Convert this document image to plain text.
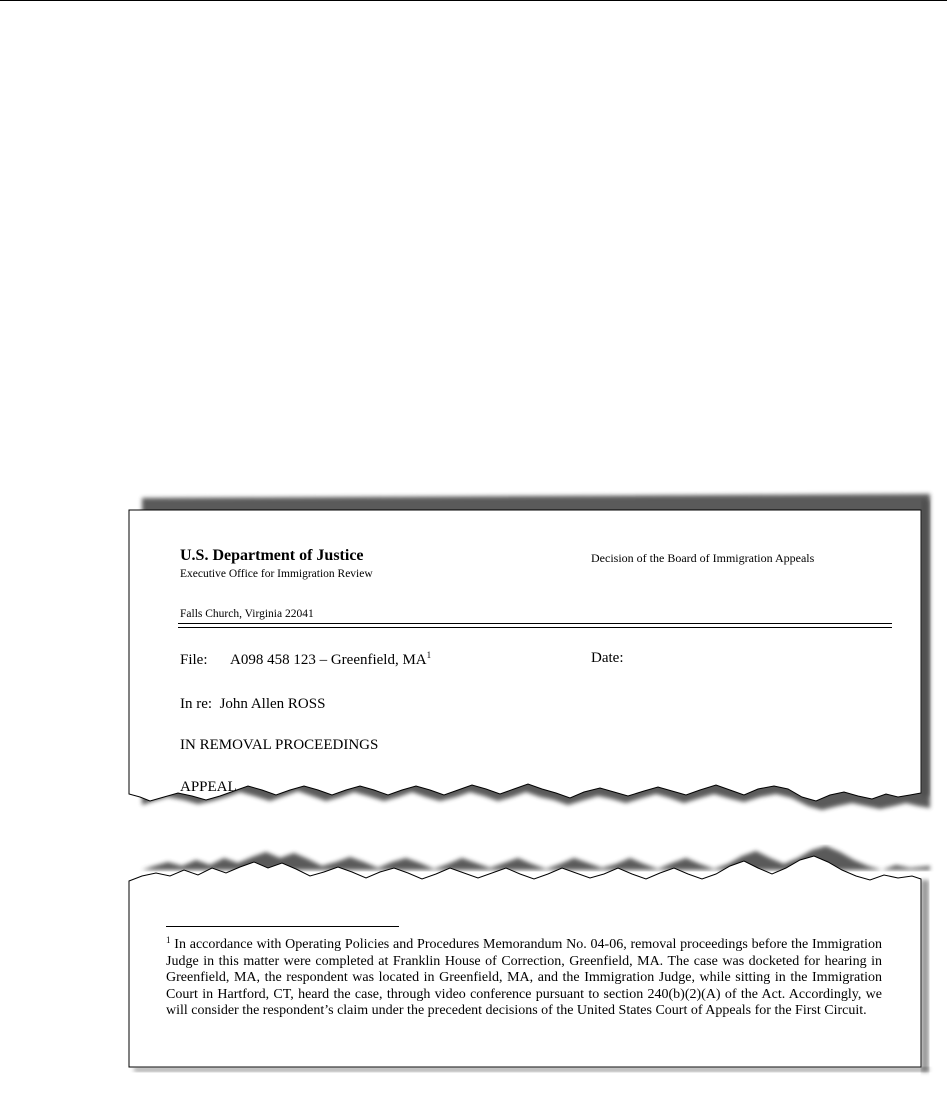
U.S. Department of Justice
Executive Office for Immigration Review
Decision of the Board of Immigration Appeals
Falls Church, Virginia 22041
File: A098 458 123 – Greenfield, $MA^1$	Date:
In re: John Allen ROSS
IN REMOVAL PROCEEDINGS
APPEAL
$^1$ In accordance with Operating Policies and Procedures Memorandum No. 04-06, removal proceedings before the Immigration Judge in this matter were completed at Franklin House of Correction, Greenfield, MA. The case was docketed for hearing in Greenfield, MA, the respondent was located in Greenfield, MA, and the Immigration Judge, while sitting in the Immigration Court in Hartford, CT, heard the case, through video conference pursuant to section 240(b)(2)(A) of the Act. Accordingly, we will consider the respondent’s claim under the precedent decisions of the United States Court of Appeals for the First Circuit.
